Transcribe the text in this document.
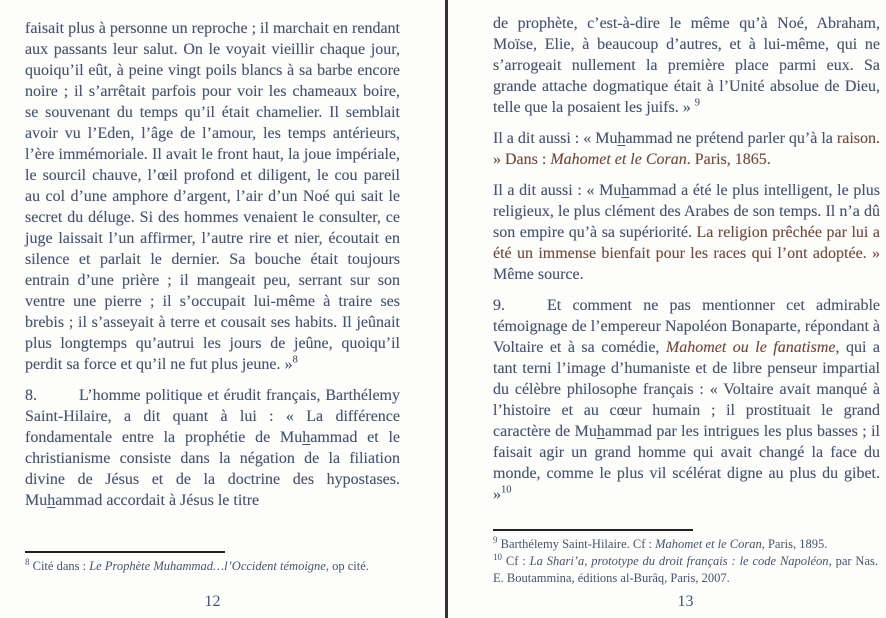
faisait plus à personne un reproche ; il marchait en rendant aux passants leur salut. On le voyait vieillir chaque jour, quoiqu’il eût, à peine vingt poils blancs à sa barbe encore noire ; il s’arrêtait parfois pour voir les chameaux boire, se souvenant du temps qu’il était chamelier. Il semblait avoir vu l’Eden, l’âge de l’amour, les temps antérieurs, l’ère immémoriale. Il avait le front haut, la joue impériale, le sourcil chauve, l’œil profond et diligent, le cou pareil au col d’une amphore d’argent, l’air d’un Noé qui sait le secret du déluge. Si des hommes venaient le consulter, ce juge laissait l’un affirmer, l’autre rire et nier, écoutait en silence et parlait le dernier. Sa bouche était toujours entrain d’une prière ; il mangeait peu, serrant sur son ventre une pierre ; il s’occupait lui-même à traire ses brebis ; il s’asseyait à terre et cousait ses habits. Il jeûnait plus longtemps qu’autrui les jours de jeûne, quoiqu’il perdit sa force et qu’il ne fut plus jeune. »$^8$

8.	L’homme politique et érudit français, Barthélemy Saint-Hilaire, a dit quant à lui : « La différence fondamentale entre la prophétie de Muhammad et le christianisme consiste dans la négation de la filiation divine de Jésus et de la doctrine des hypostases. Muhammad accordait à Jésus le titre

$^8$ Cité dans : Le Prophète Muhammad…l’Occident témoigne, op cité.
12

de prophète, c’est-à-dire le même qu’à Noé, Abraham, Moïse, Elie, à beaucoup d’autres, et à lui-même, qui ne s’arrogeait nullement la première place parmi eux. Sa grande attache dogmatique était à l’Unité absolue de Dieu, telle que la posaient les juifs. » $^9$

Il a dit aussi : « Muhammad ne prétend parler qu’à la raison. » Dans : Mahomet et le Coran. Paris, 1865.

Il a dit aussi : « Muhammad a été le plus intelligent, le plus religieux, le plus clément des Arabes de son temps. Il n’a dû son empire qu’à sa supériorité. La religion prêchée par lui a été un immense bienfait pour les races qui l’ont adoptée. » Même source.

9.	Et comment ne pas mentionner cet admirable témoignage de l’empereur Napoléon Bonaparte, répondant à Voltaire et à sa comédie, Mahomet ou le fanatisme, qui a tant terni l’image d’humaniste et de libre penseur impartial du célèbre philosophe français : « Voltaire avait manqué à l’histoire et au cœur humain ; il prostituait le grand caractère de Muhammad par les intrigues les plus basses ; il faisait agir un grand homme qui avait changé la face du monde, comme le plus vil scélérat digne au plus du gibet. »$^{10}$

$^9$ Barthélemy Saint-Hilaire. Cf : Mahomet et le Coran, Paris, 1895.
$^{10}$ Cf : La Shari’a, prototype du droit français : le code Napoléon, par Nas. E. Boutammina, éditions al-Burâq, Paris, 2007.
13
